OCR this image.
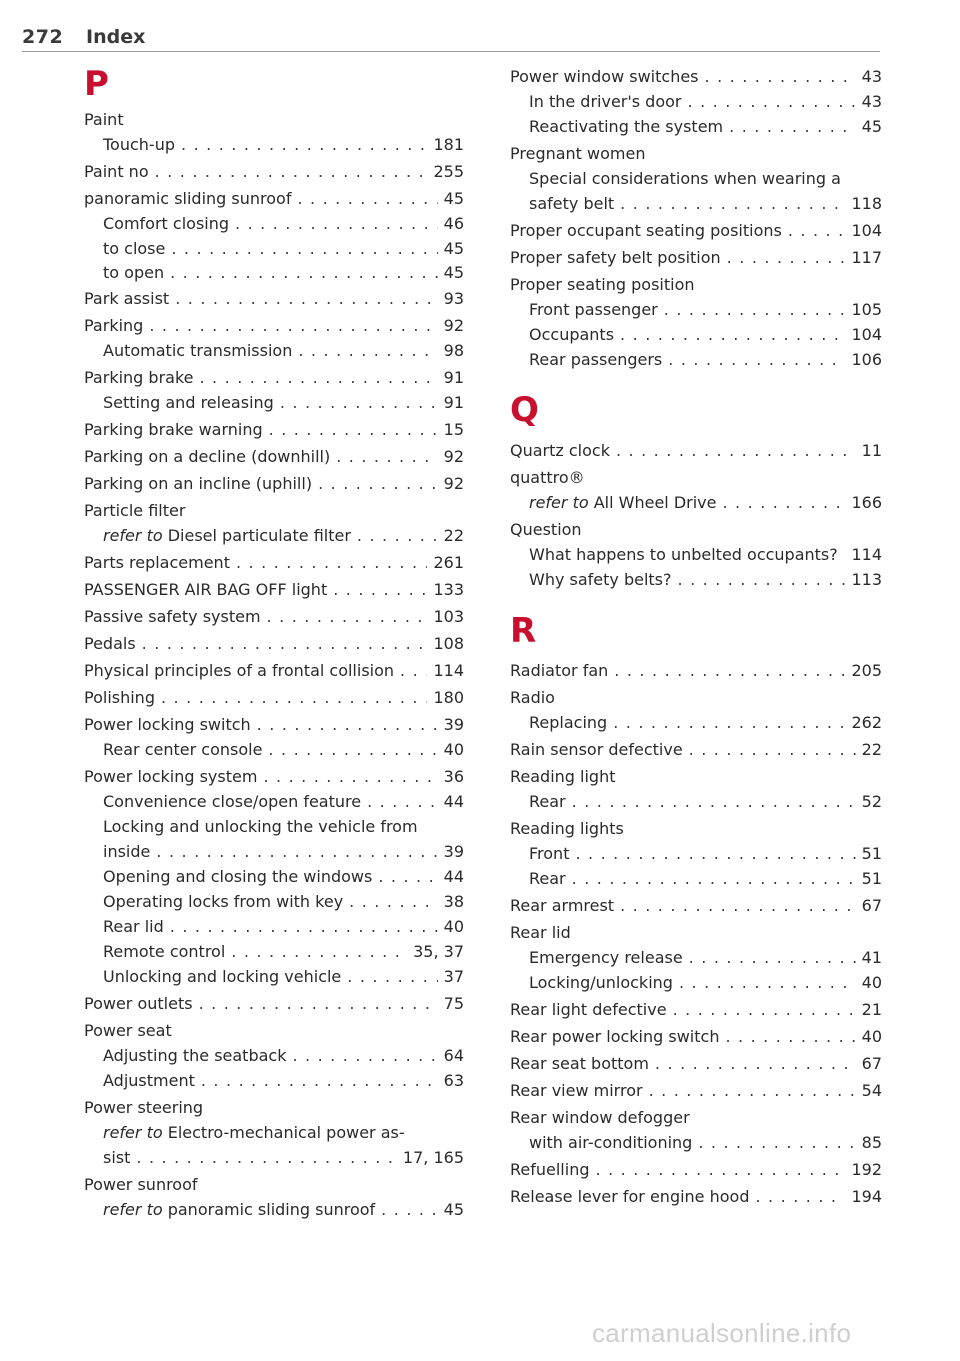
272 Index
P
Paint
Touch-up . . .	181
Paint no . . .	255
panoramic sliding sunroof . . .	45
Comfort closing . . .	46
to close . . .	45
to open . . .	45
Park assist . . .	93
Parking . . .	92
Automatic transmission . . .	98
Parking brake . . .	91
Setting and releasing . . .	91
Parking brake warning . . .	15
Parking on a decline (downhill) . . .	92
Parking on an incline (uphill) . . .	92
Particle filter
refer to Diesel particulate filter . . .	22
Parts replacement . . .	261
PASSENGER AIR BAG OFF light . . .	133
Passive safety system . . .	103
Pedals . . .	108
Physical principles of a frontal collision . . . 114
Polishing . . .	180
Power locking switch . . .	39
Rear center console . . .	40
Power locking system . . .	36
Convenience close/open feature . . .	44
Locking and unlocking the vehicle from
inside . . .	39
Opening and closing the windows . . .	44
Operating locks from with key . . .	38
Rear lid . . .	40
Remote control . . .	35, 37
Unlocking and locking vehicle . . .	37
Power outlets . . .	75
Power seat
Adjusting the seatback . . .	64
Adjustment . . .	63
Power steering
refer to Electro-mechanical power as-
sist . . .	17, 165
Power sunroof
refer to panoramic sliding sunroof . . .	45
Power window switches . . .	43
In the driver's door . . .	43
Reactivating the system . . .	45
Pregnant women
Special considerations when wearing a
safety belt . . .	118
Proper occupant seating positions . . .	104
Proper safety belt position . . .	117
Proper seating position
Front passenger . . .	105
Occupants . . .	104
Rear passengers . . .	106
Q
Quartz clock . . .	11
quattro®
refer to All Wheel Drive . . .	166
Question
What happens to unbelted occupants? . . . 114
Why safety belts? . . .	113
R
Radiator fan . . .	205
Radio
Replacing . . .	262
Rain sensor defective . . .	22
Reading light
Rear . . .	52
Reading lights
Front . . .	51
Rear . . .	51
Rear armrest . . .	67
Rear lid
Emergency release . . .	41
Locking/unlocking . . .	40
Rear light defective . . .	21
Rear power locking switch . . .	40
Rear seat bottom . . .	67
Rear view mirror . . .	54
Rear window defogger
with air-conditioning . . .	85
Refuelling . . .	192
Release lever for engine hood . . .	194
carmanualsonline.info
